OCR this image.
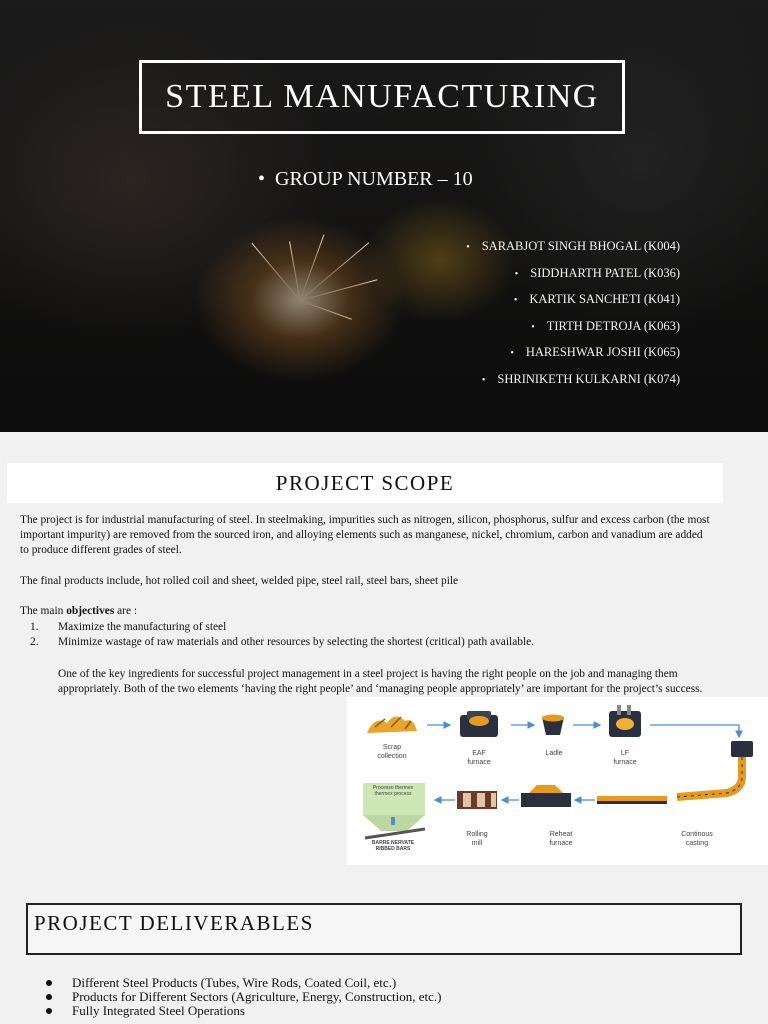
STEEL MANUFACTURING
• GROUP NUMBER – 10
• SARABJOT SINGH BHOGAL (K004)
• SIDDHARTH PATEL (K036)
• KARTIK SANCHETI (K041)
• TIRTH DETROJA (K063)
• HARESHWAR JOSHI (K065)
• SHRINIKETH KULKARNI (K074)
PROJECT SCOPE
The project is for industrial manufacturing of steel. In steelmaking, impurities such as nitrogen, silicon, phosphorus, sulfur and excess carbon (the most important impurity) are removed from the sourced iron, and alloying elements such as manganese, nickel, chromium, carbon and vanadium are added to produce different grades of steel.
The final products include, hot rolled coil and sheet, welded pipe, steel rail, steel bars, sheet pile
The main objectives are :
1.	Maximize the manufacturing of steel
2.	Minimize wastage of raw materials and other resources by selecting the shortest (critical) path available.
One of the key ingredients for successful project management in a steel project is having the right people on the job and managing them appropriately. Both of the two elements ‘having the right people’ and ‘managing people appropriately’ are important for the project’s success.
Scrap
collection	EAF
furnace
Ladle	LF
furnace
Continous
casting
Reheat
furnace
Rolling
mill
Processo thermex
thermex process
BARRE NERVATE
RIBBED BARS
PROJECT DELIVERABLES
Different Steel Products (Tubes, Wire Rods, Coated Coil, etc.)
Products for Different Sectors (Agriculture, Energy, Construction, etc.)
Fully Integrated Steel Operations
